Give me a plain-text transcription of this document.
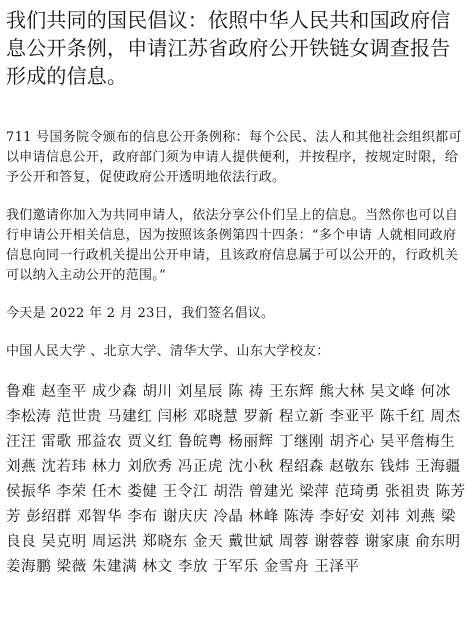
我们共同的国民倡议：依照中华人民共和国政府信息公开条例，申请江苏省政府公开铁链女调查报告形成的信息。

711 号国务院令颁布的信息公开条例称：每个公民、法人和其他社会组织都可以申请信息公开，政府部门须为申请人提供便利，并按程序，按规定时限，给予公开和答复，促使政府公开透明地依法行政。

我们邀请你加入为共同申请人，依法分享公仆们呈上的信息。当然你也可以自行申请公开相关信息，因为按照该条例第四十四条：“多个申请 人就相同政府信息向同一行政机关提出公开申请，且该政府信息属于可以公开的，行政机关可以纳入主动公开的范围。”

今天是 2022 年 2 月 23日，我们签名倡议。

中国人民大学 、北京大学、清华大学、山东大学校友：

鲁难 赵奎平 成少森 胡川 刘星辰 陈 祷 王东辉 熊大林 吴文峰 何冰 李松涛 范世贵 马建红 闫彬 邓晓慧 罗新 程立新 李亚平 陈千红 周杰 汪汪 雷歌 邢益农 贾义红 鲁皖粤 杨丽辉 丁继刚 胡齐心 吴平詹梅生 刘燕 沈若玮 林力 刘欣秀 冯正虎 沈小秋 程绍森 赵敬东 钱炜 王海疆 侯振华 李荣 任木 娄健 王令江 胡浩 曾建光 梁萍 范琦勇 张祖贵 陈芳芳 彭绍群 邓智华 李布 谢庆庆 冷晶 林峰 陈涛 李好安 刘祎 刘燕 梁良良 吴克明 周运洪 郑晓东 金天 戴世斌 周蓉 谢蓉蓉 谢家康 俞东明 姜海鹏 梁薇 朱建满 林文 李放 于军乐 金雪舟 王泽平
